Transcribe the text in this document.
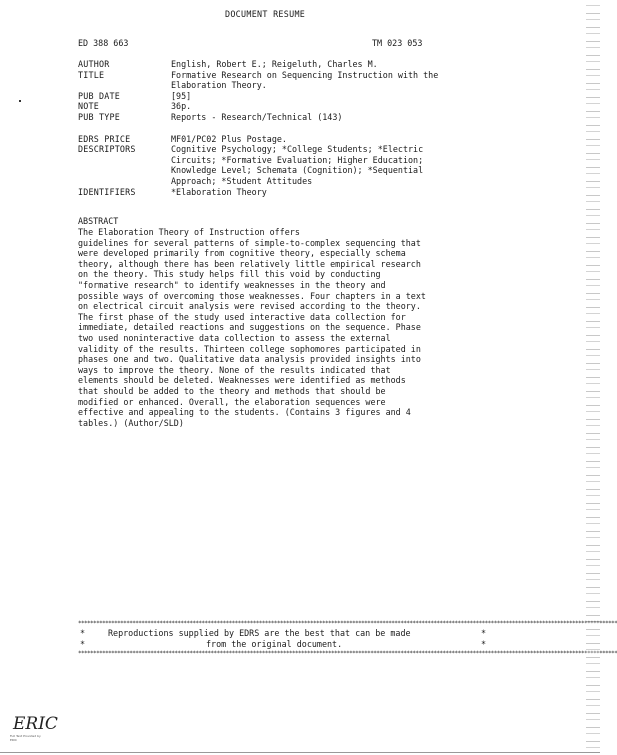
DOCUMENT RESUME
ED 388 663	TM 023 053
AUTHOR	English, Robert E.; Reigeluth, Charles M.
TITLE	Formative Research on Sequencing Instruction with the
Elaboration Theory.
PUB DATE	[95]
NOTE	36p.
PUB TYPE	Reports - Research/Technical (143)
EDRS PRICE	MF01/PC02 Plus Postage.
DESCRIPTORS	Cognitive Psychology; *College Students; *Electric
Circuits; *Formative Evaluation; Higher Education;
Knowledge Level; Schemata (Cognition); *Sequential
Approach; *Student Attitudes
IDENTIFIERS	*Elaboration Theory
ABSTRACT
The Elaboration Theory of Instruction offers
guidelines for several patterns of simple-to-complex sequencing that
were developed primarily from cognitive theory, especially schema
theory, although there has been relatively little empirical research
on the theory. This study helps fill this void by conducting
"formative research" to identify weaknesses in the theory and
possible ways of overcoming those weaknesses. Four chapters in a text
on electrical circuit analysis were revised according to the theory.
The first phase of the study used interactive data collection for
immediate, detailed reactions and suggestions on the sequence. Phase
two used noninteractive data collection to assess the external
validity of the results. Thirteen college sophomores participated in
phases one and two. Qualitative data analysis provided insights into
ways to improve the theory. None of the results indicated that
elements should be deleted. Weaknesses were identified as methods
that should be added to the theory and methods that should be
modified or enhanced. Overall, the elaboration sequences were
effective and appealing to the students. (Contains 3 figures and 4
tables.) (Author/SLD)
***********************************************************************************************************************************************************************************
*	Reproductions supplied by EDRS are the best that can be made	*
*	from the original document.	*
***********************************************************************************************************************************************************************************
ERIC
Full Text Provided by ERIC
